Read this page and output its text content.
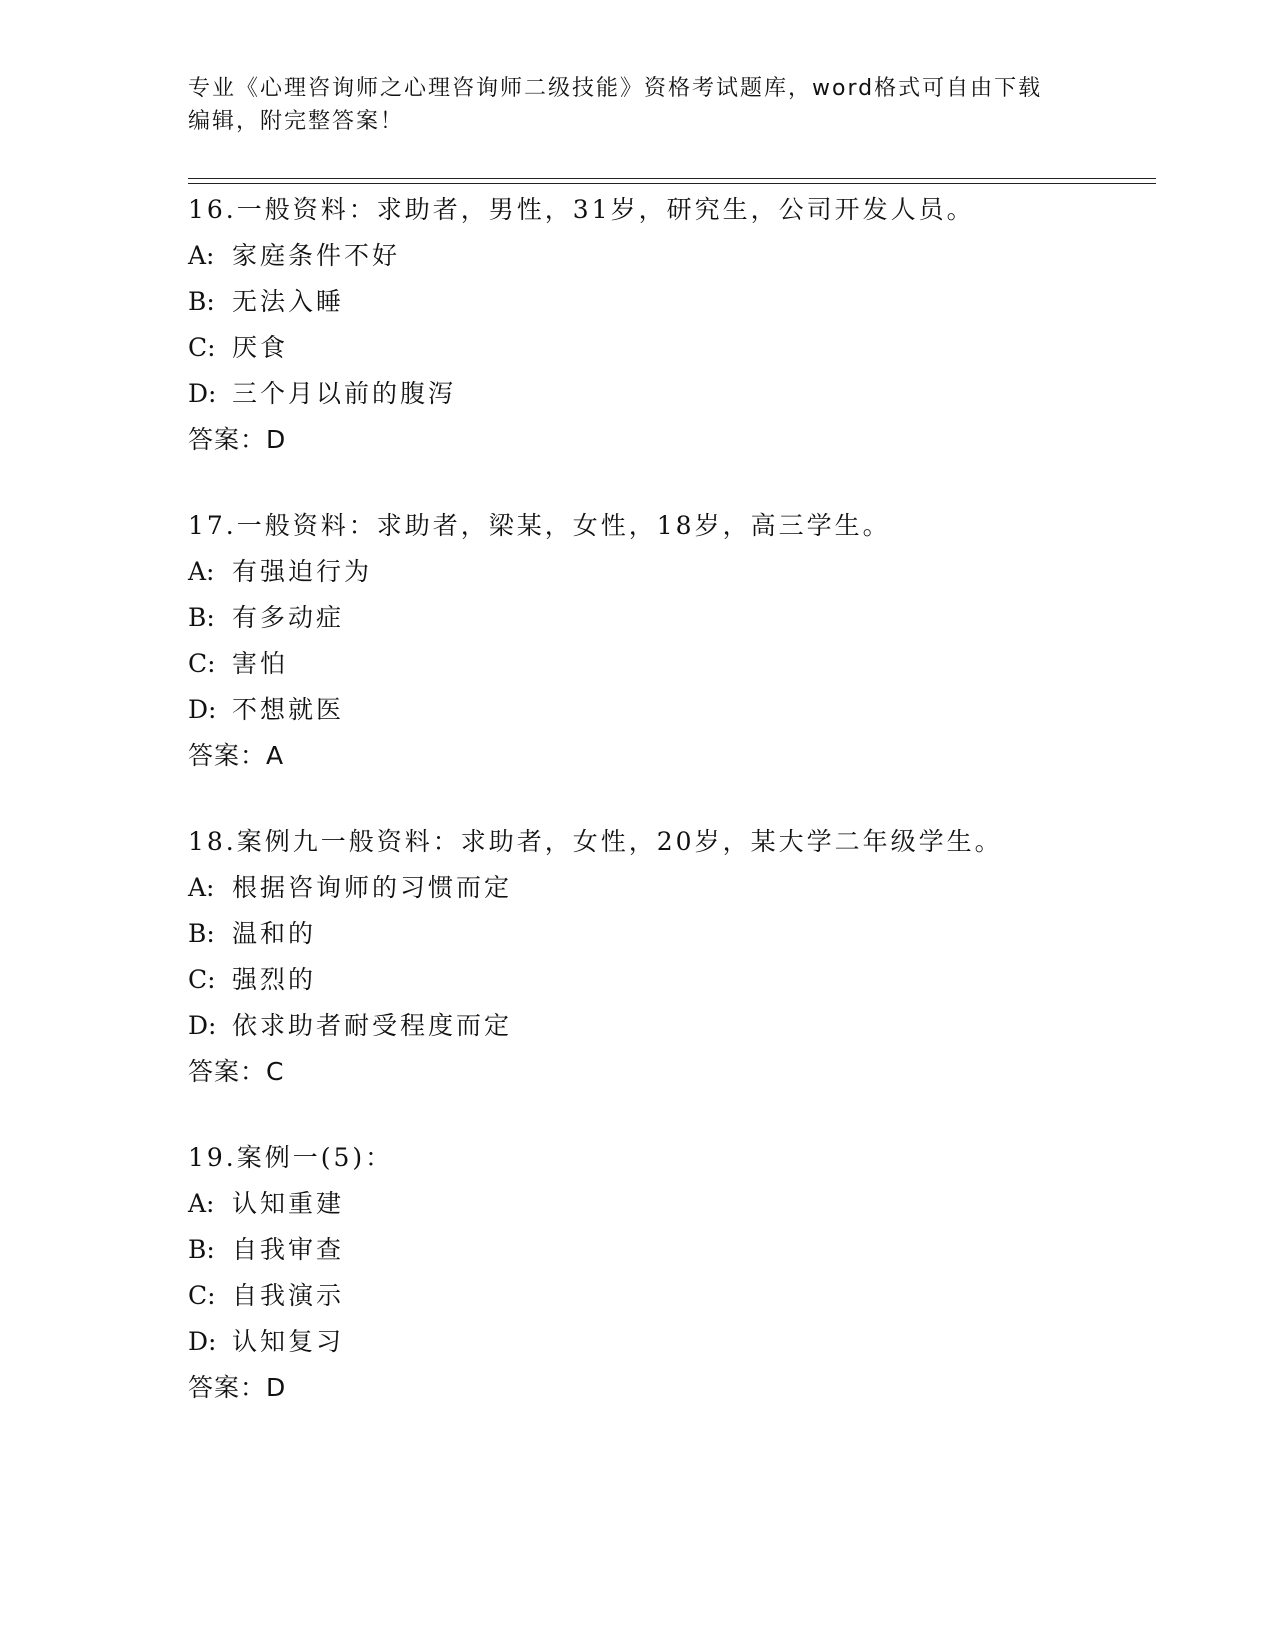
专业《心理咨询师之心理咨询师二级技能》资格考试题库，word格式可自由下载
编辑，附完整答案！
16.一般资料：求助者，男性，31岁，研究生，公司开发人员。
A: 家庭条件不好
B: 无法入睡
C: 厌食
D: 三个月以前的腹泻
答案：D
17.一般资料：求助者，梁某，女性，18岁，高三学生。
A: 有强迫行为
B: 有多动症
C: 害怕
D: 不想就医
答案：A
18.案例九一般资料：求助者，女性，20岁，某大学二年级学生。
A: 根据咨询师的习惯而定
B: 温和的
C: 强烈的
D: 依求助者耐受程度而定
答案：C
19.案例一(5)：
A: 认知重建
B: 自我审查
C: 自我演示
D: 认知复习
答案：D
